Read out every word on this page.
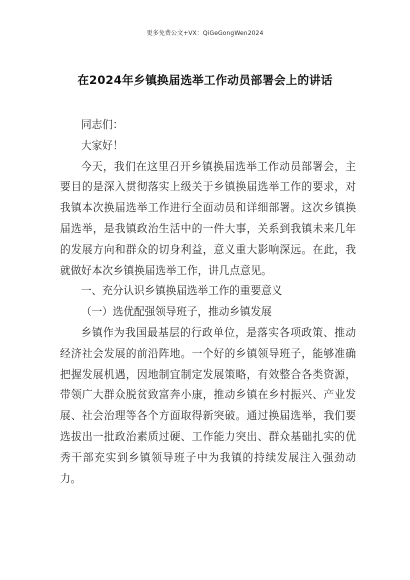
更多免费公文+VX：QiGeGongWen2024
在2024年乡镇换届选举工作动员部署会上的讲话

同志们：

大家好！

今天，我们在这里召开乡镇换届选举工作动员部署会，主要目的是深入贯彻落实上级关于乡镇换届选举工作的要求，对我镇本次换届选举工作进行全面动员和详细部署。这次乡镇换届选举，是我镇政治生活中的一件大事，关系到我镇未来几年的发展方向和群众的切身利益，意义重大影响深远。在此，我就做好本次乡镇换届选举工作，讲几点意见。

一、充分认识乡镇换届选举工作的重要意义

（一）选优配强领导班子，推动乡镇发展

乡镇作为我国最基层的行政单位，是落实各项政策、推动经济社会发展的前沿阵地。一个好的乡镇领导班子，能够准确把握发展机遇，因地制宜制定发展策略，有效整合各类资源，带领广大群众脱贫致富奔小康，推动乡镇在乡村振兴、产业发展、社会治理等各个方面取得新突破。通过换届选举，我们要选拔出一批政治素质过硬、工作能力突出、群众基础扎实的优秀干部充实到乡镇领导班子中为我镇的持续发展注入强劲动力。
